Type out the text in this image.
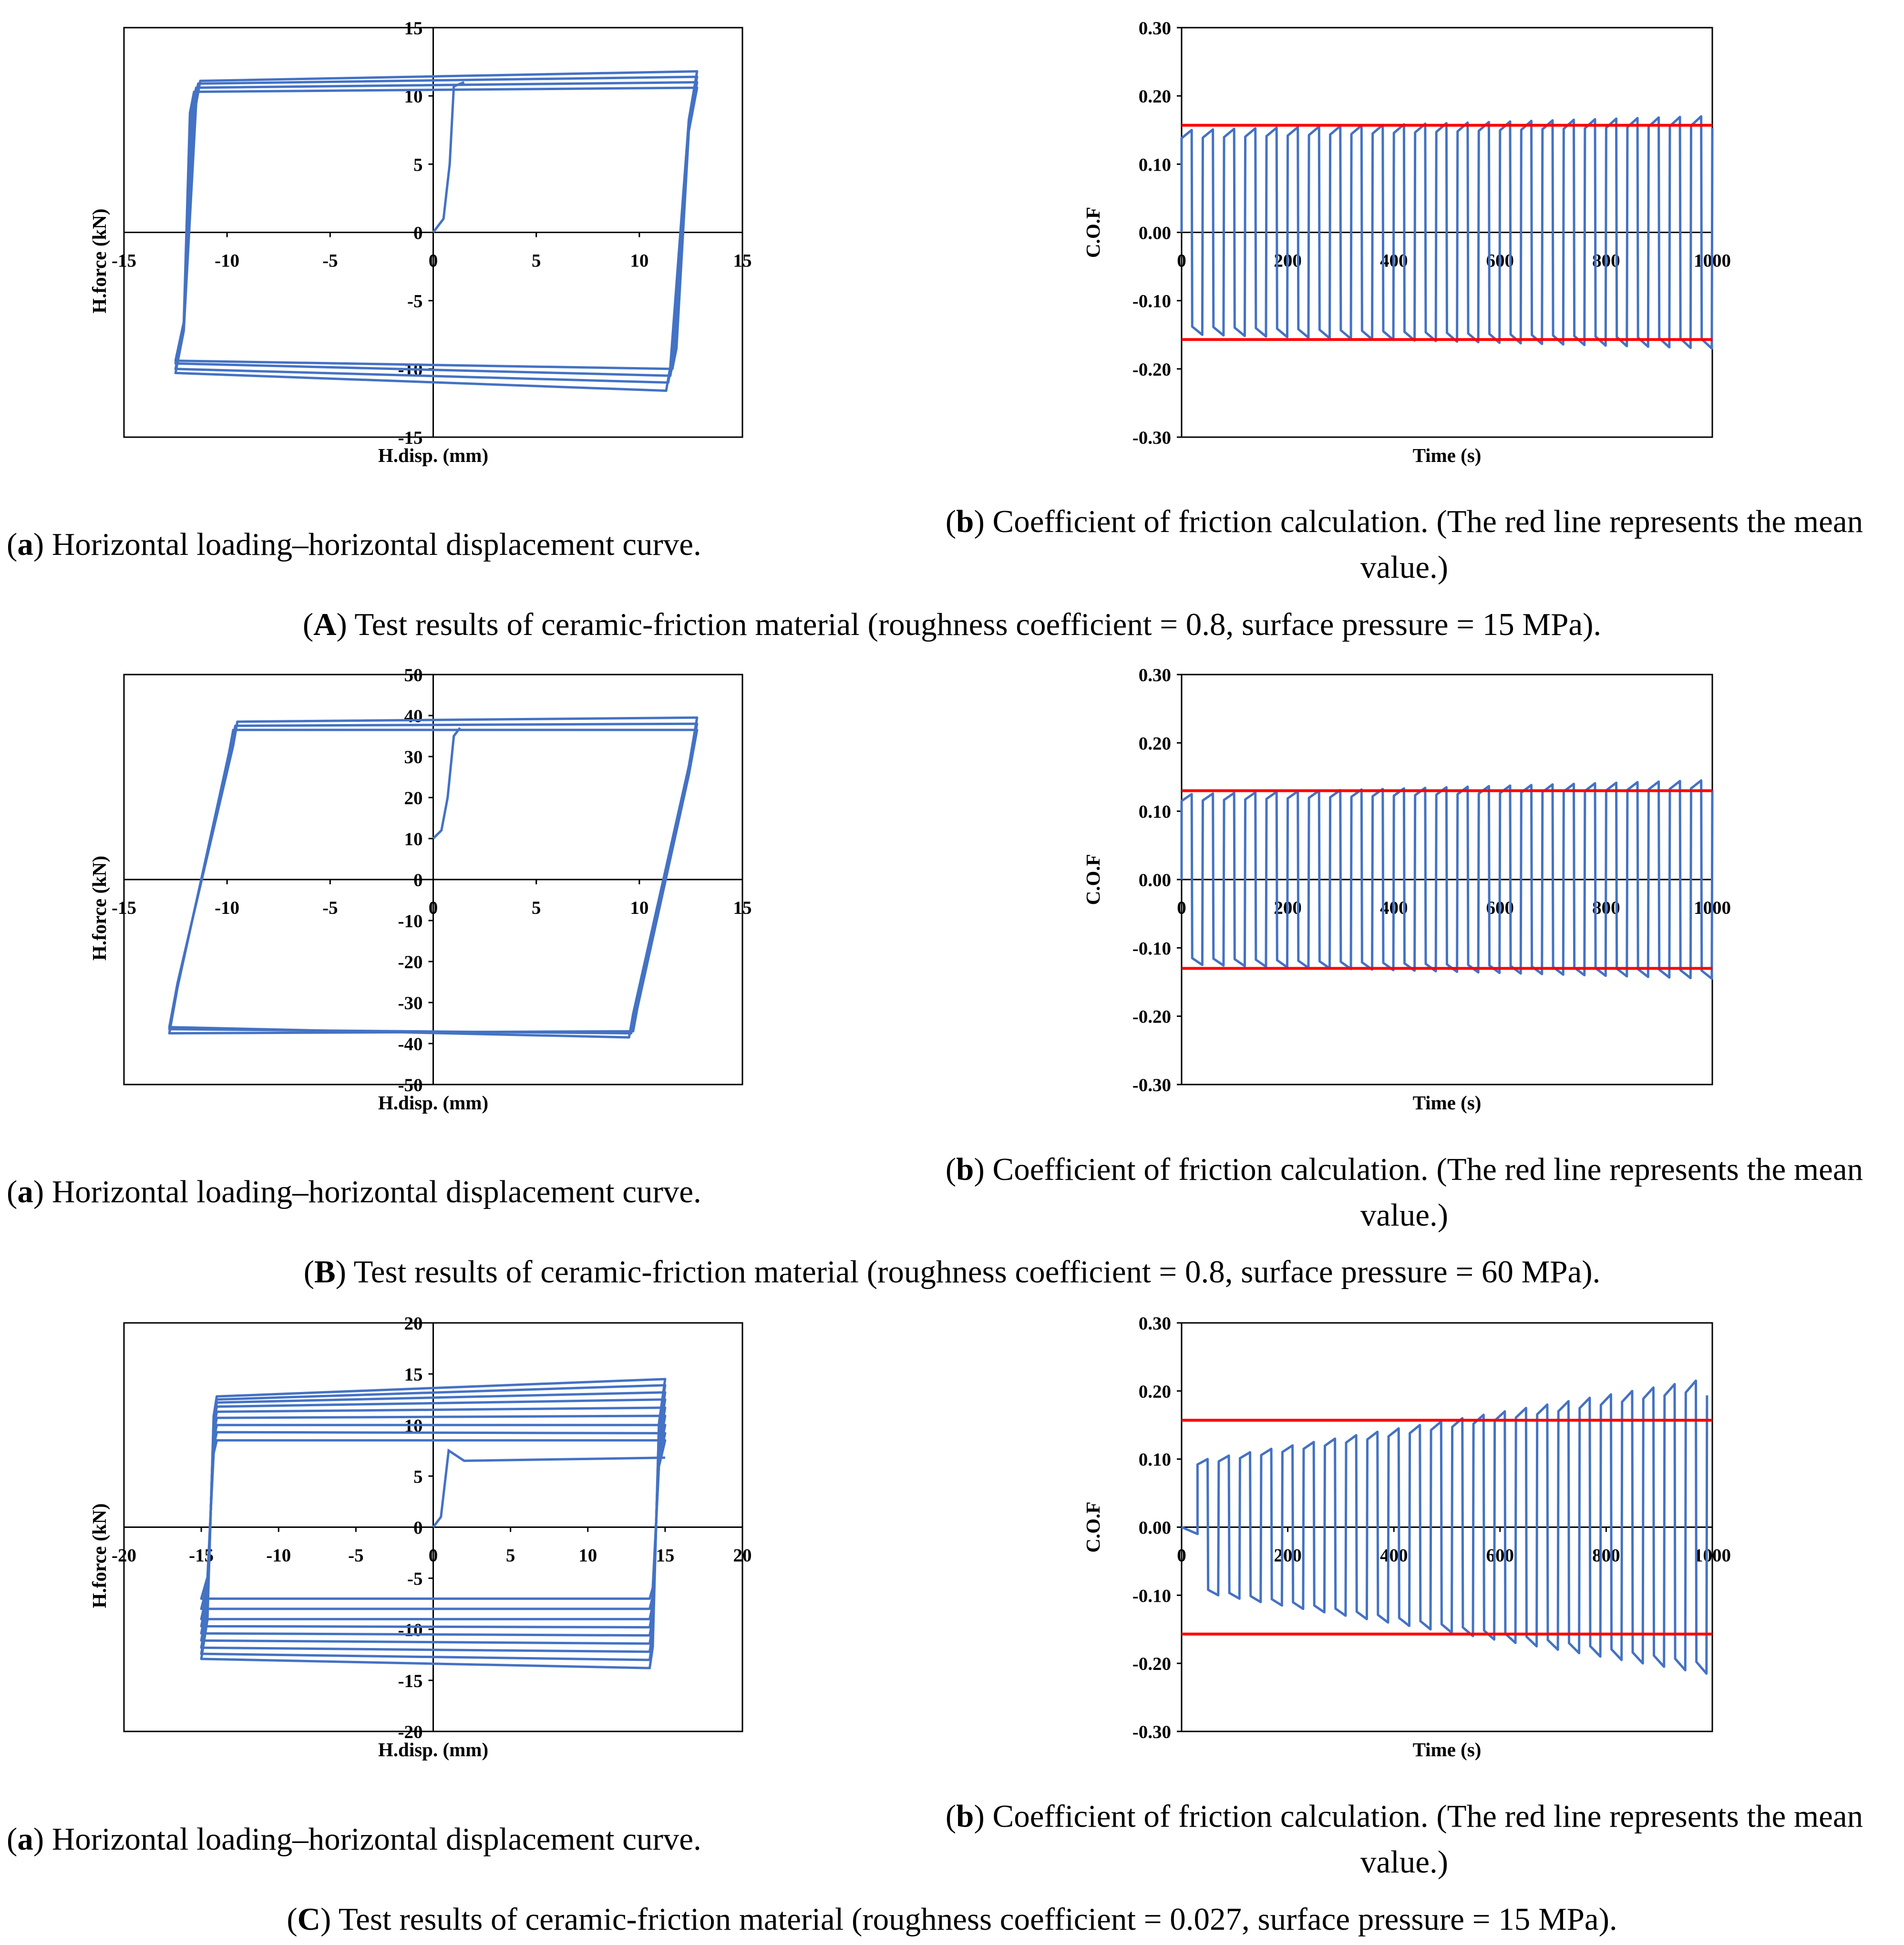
-15	-10	-5	0	5	10	15
-15
-10
-5
0
5
10
15
H.disp. (mm)
H.force (kN)	0	200	400	600	800	1000
-0.30
-0.20
-0.10
0.00
0.10
0.20
0.30
Time (s)
C.O.F
-15	-10	-5	0	5	10	15
-50
-40
-30
-20
-10
0
10
20
30
40
50
H.disp. (mm)
H.force (kN)	0	200	400	600	800	1000
-0.30
-0.20
-0.10
0.00
0.10
0.20
0.30
Time (s)
C.O.F
-20	-15	-10	-5	0	5	10	15	20
-20
-15
-10
-5
0
5
10
15
20
H.disp. (mm)
H.force (kN)	0	200	400	600	800	1000
-0.30
-0.20
-0.10
0.00
0.10
0.20
0.30
Time (s)
C.O.F
(a) Horizontal loading–horizontal displacement curve.
(b) Coefficient of friction calculation. (The red line represents the mean value.)
(A) Test results of ceramic-friction material (roughness coefficient = 0.8, surface pressure = 15 MPa).
(a) Horizontal loading–horizontal displacement curve.
(b) Coefficient of friction calculation. (The red line represents the mean value.)
(B) Test results of ceramic-friction material (roughness coefficient = 0.8, surface pressure = 60 MPa).
(a) Horizontal loading–horizontal displacement curve.
(b) Coefficient of friction calculation. (The red line represents the mean value.)
(C) Test results of ceramic-friction material (roughness coefficient = 0.027, surface pressure = 15 MPa).
